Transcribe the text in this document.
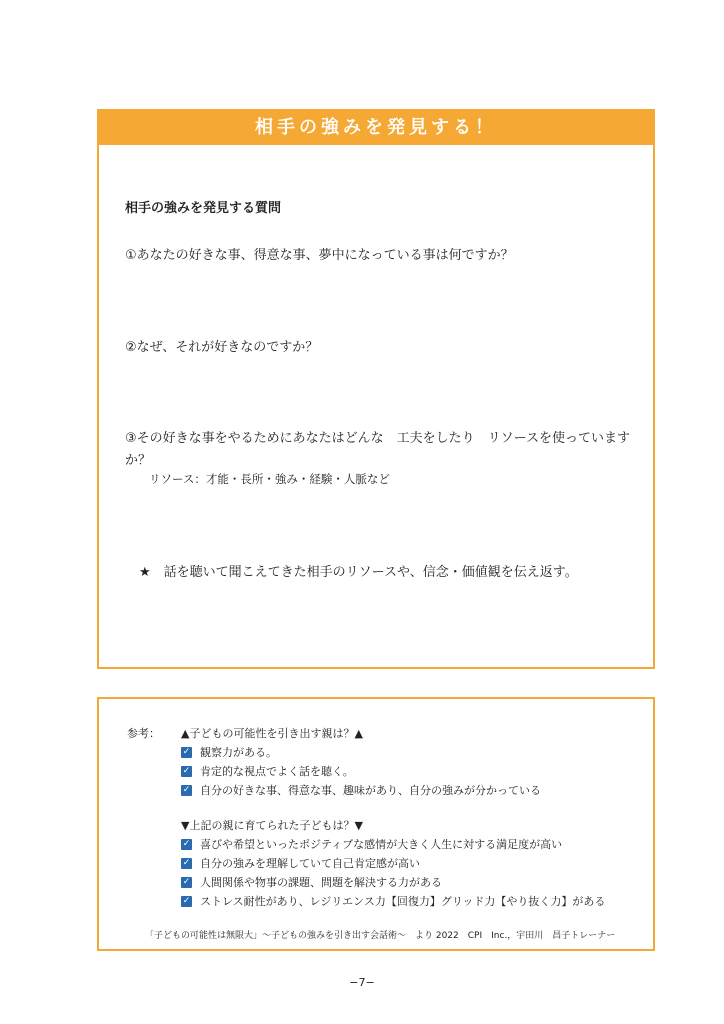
相手の強みを発見する！
相手の強みを発見する質問
①あなたの好きな事、得意な事、夢中になっている事は何ですか？
②なぜ、それが好きなのですか？
③その好きな事をやるためにあなたはどんな　工夫をしたり　リソースを使っていますか？
リソース：才能・長所・強み・経験・人脈など
★　話を聴いて聞こえてきた相手のリソースや、信念・価値観を伝え返す。
参考： ▲子どもの可能性を引き出す親は？▲
✓ 観察力がある。
✓ 肯定的な視点でよく話を聴く。
✓ 自分の好きな事、得意な事、趣味があり、自分の強みが分かっている
▼上記の親に育てられた子どもは？▼
✓ 喜びや希望といったポジティブな感情が大きく人生に対する満足度が高い
✓ 自分の強みを理解していて自己肯定感が高い
✓ 人間関係や物事の課題、問題を解決する力がある
✓ ストレス耐性があり、レジリエンス力【回復力】グリッド力【やり抜く力】がある
「子どもの可能性は無限大」～子どもの強みを引き出す会話術～　より 2022　CPI　Inc.，宇田川　昌子トレーナー
−7−
